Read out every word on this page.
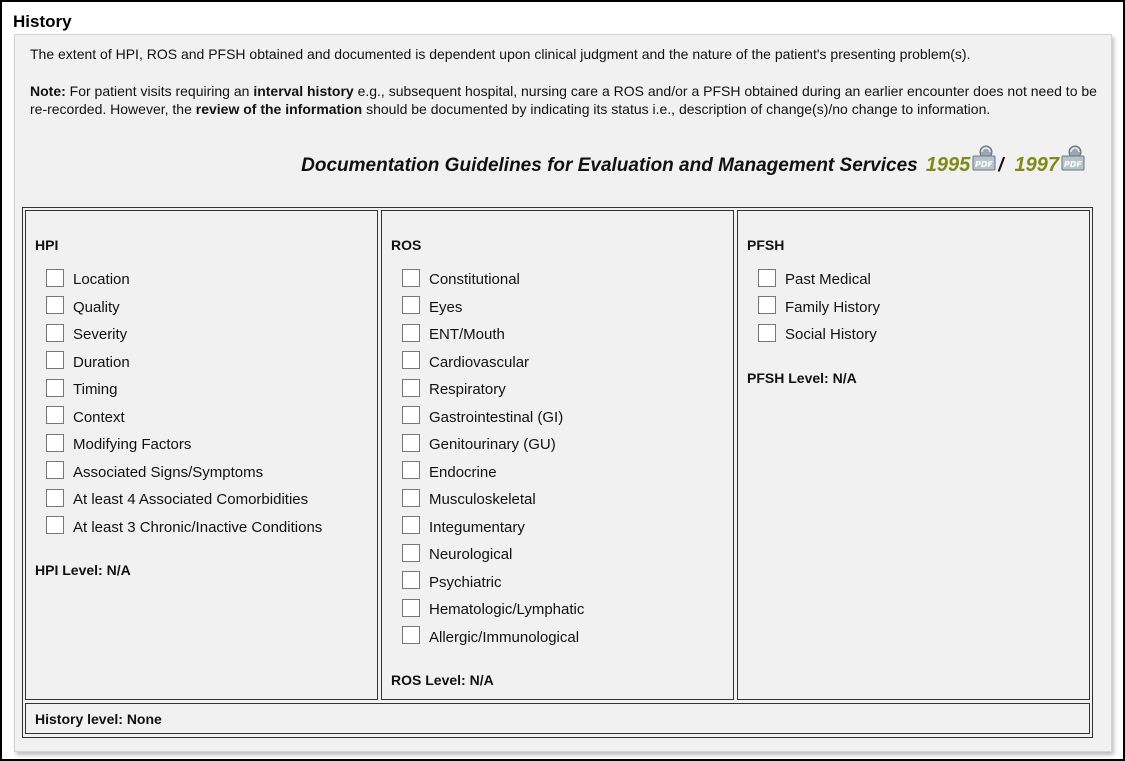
History
The extent of HPI, ROS and PFSH obtained and documented is dependent upon clinical judgment and the nature of the patient's presenting problem(s).
Note: For patient visits requiring an interval history e.g., subsequent hospital, nursing care a ROS and/or a PFSH obtained during an earlier encounter does not need to be re-recorded. However, the review of the information should be documented by indicating its status i.e., description of change(s)/no change to information.
Documentation Guidelines for Evaluation and Management Services 1995 PDF / 1997 PDF
HPI
Location
Quality
Severity
Duration
Timing
Context
Modifying Factors
Associated Signs/Symptoms
At least 4 Associated Comorbidities
At least 3 Chronic/Inactive Conditions
HPI Level: N/A
ROS
Constitutional
Eyes
ENT/Mouth
Cardiovascular
Respiratory
Gastrointestinal (GI)
Genitourinary (GU)
Endocrine
Musculoskeletal
Integumentary
Neurological
Psychiatric
Hematologic/Lymphatic
Allergic/Immunological
ROS Level: N/A
PFSH
Past Medical
Family History
Social History
PFSH Level: N/A
History level: None
